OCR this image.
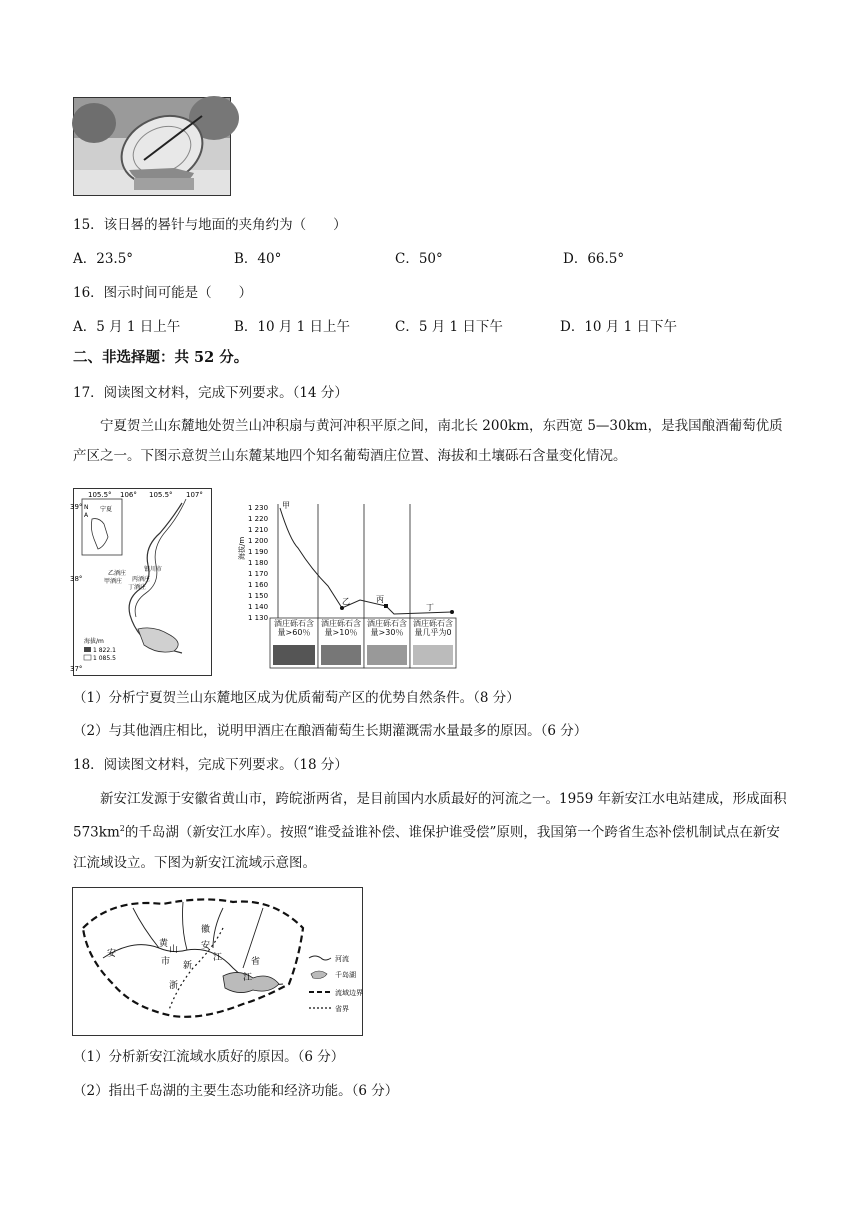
15．该日晷的晷针与地面的夹角约为（　　）
A．23.5°	B．40°	C．50°	D．66.5°
16．图示时间可能是（　　）
A．5 月 1 日上午	B．10 月 1 日上午	C．5 月 1 日下午	D．10 月 1 日下午
二、非选择题：共 52 分。
17．阅读图文材料，完成下列要求。（14 分）
宁夏贺兰山东麓地处贺兰山冲积扇与黄河冲积平原之间，南北长 200km，东西宽 5—30km，是我国酿酒葡萄优质产区之一。下图示意贺兰山东麓某地四个知名葡萄酒庄位置、海拔和土壤砾石含量变化情况。
105.5° 106° 105.5° 107°
39°
38°
37°
N
A
宁夏
乙酒庄
甲酒庄
银川市
丙酒庄
丁酒庄
海拔/m
1 822.1
1 085.5
海拔/m
1 230
1 220
1 210
1 200
1 190
1 180
1 170
1 160
1 150
1 140
1 130
甲
乙	丙
丁
酒庄砾石含量>60％
酒庄砾石含量>10％
酒庄砾石含量>30％
酒庄砾石含量几乎为0
（1）分析宁夏贺兰山东麓地区成为优质葡萄产区的优势自然条件。（8 分）
（2）与其他酒庄相比，说明甲酒庄在酿酒葡萄生长期灌溉需水量最多的原因。（6 分）
18．阅读图文材料，完成下列要求。（18 分）
新安江发源于安徽省黄山市，跨皖浙两省，是目前国内水质最好的河流之一。1959 年新安江水电站建成，形成面积 $573km^2$的千岛湖（新安江水库）。按照“谁受益谁补偿、谁保护谁受偿”原则，我国第一个跨省生态补偿机制试点在新安江流域设立。下图为新安江流域示意图。
安
黄
山
市
徽
安
江
新
浙
省
江
河流
千岛湖
流域边界
省界
（1）分析新安江流域水质好的原因。（6 分）
（2）指出千岛湖的主要生态功能和经济功能。（6 分）
